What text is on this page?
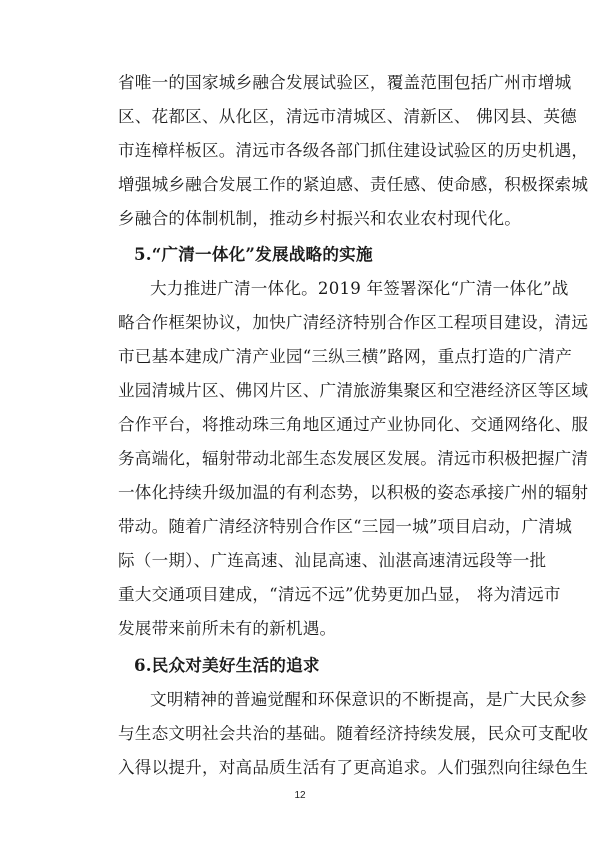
省唯一的国家城乡融合发展试验区，覆盖范围包括广州市增城
区、花都区、从化区，清远市清城区、清新区、 佛冈县、英德
市连樟样板区。清远市各级各部门抓住建设试验区的历史机遇，
增强城乡融合发展工作的紧迫感、责任感、使命感，积极探索城
乡融合的体制机制，推动乡村振兴和农业农村现代化。
5.“广清一体化”发展战略的实施
大力推进广清一体化。2019 年签署深化“广清一体化”战
略合作框架协议，加快广清经济特别合作区工程项目建设，清远
市已基本建成广清产业园“三纵三横”路网，重点打造的广清产
业园清城片区、佛冈片区、广清旅游集聚区和空港经济区等区域
合作平台，将推动珠三角地区通过产业协同化、交通网络化、服
务高端化，辐射带动北部生态发展区发展。清远市积极把握广清
一体化持续升级加温的有利态势，以积极的姿态承接广州的辐射
带动。随着广清经济特别合作区“三园一城”项目启动，广清城
际（一期）、广连高速、汕昆高速、汕湛高速清远段等一批
重大交通项目建成，“清远不远”优势更加凸显， 将为清远市
发展带来前所未有的新机遇。
6.民众对美好生活的追求
文明精神的普遍觉醒和环保意识的不断提高，是广大民众参
与生态文明社会共治的基础。随着经济持续发展，民众可支配收
入得以提升，对高品质生活有了更高追求。人们强烈向往绿色生
12
